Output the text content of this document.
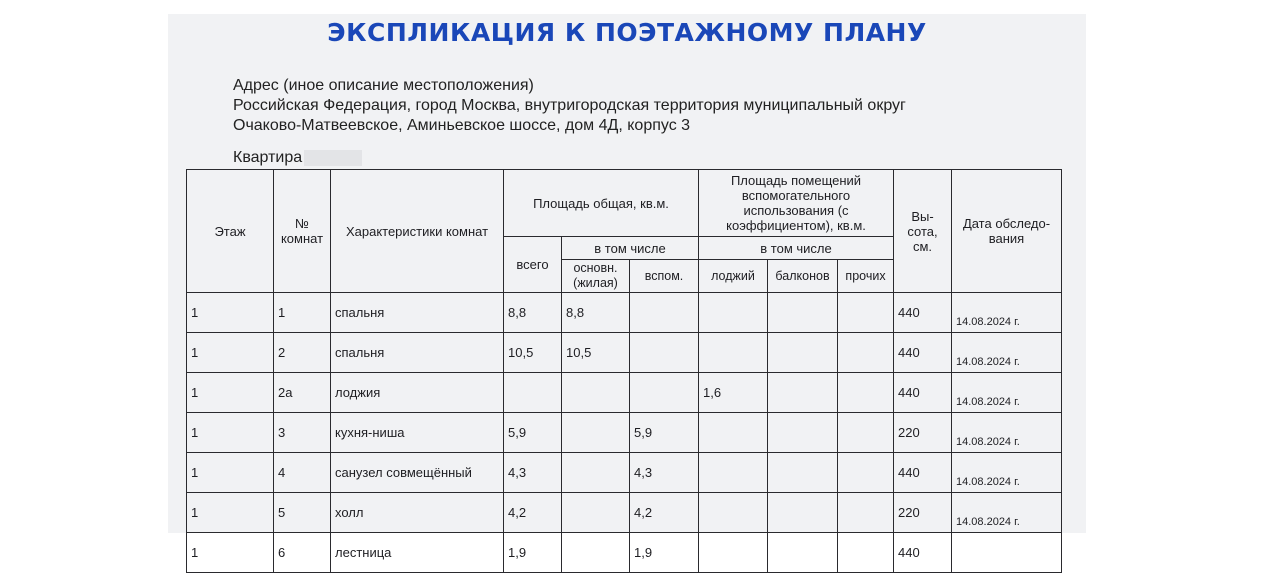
ЭКСПЛИКАЦИЯ К ПОЭТАЖНОМУ ПЛАНУ
Адрес (иное описание местоположения)
Российская Федерация, город Москва, внутригородская территория муниципальный округ
Очаково-Матвеевское, Аминьевское шоссе, дом 4Д, корпус 3
Квартира
Этаж	№ комнат	Характеристики комнат	Площадь общая, кв.м.			Площадь помещений вспомогательного использования (с коэффициентом), кв.м.			Вы-сота, см.	Дата обследо-вания
			всего	в том числе		в том числе				
				основн. (жилая)	вспом.	лоджий	балконов	прочих		
1	1	спальня	8,8	8,8					440	14.08.2024 г.
1	2	спальня	10,5	10,5					440	14.08.2024 г.
1	2а	лоджия				1,6			440	14.08.2024 г.
1	3	кухня-ниша	5,9		5,9				220	14.08.2024 г.
1	4	санузел совмещённый	4,3		4,3				440	14.08.2024 г.
1	5	холл	4,2		4,2				220	14.08.2024 г.
1	6	лестница	1,9		1,9				440	
